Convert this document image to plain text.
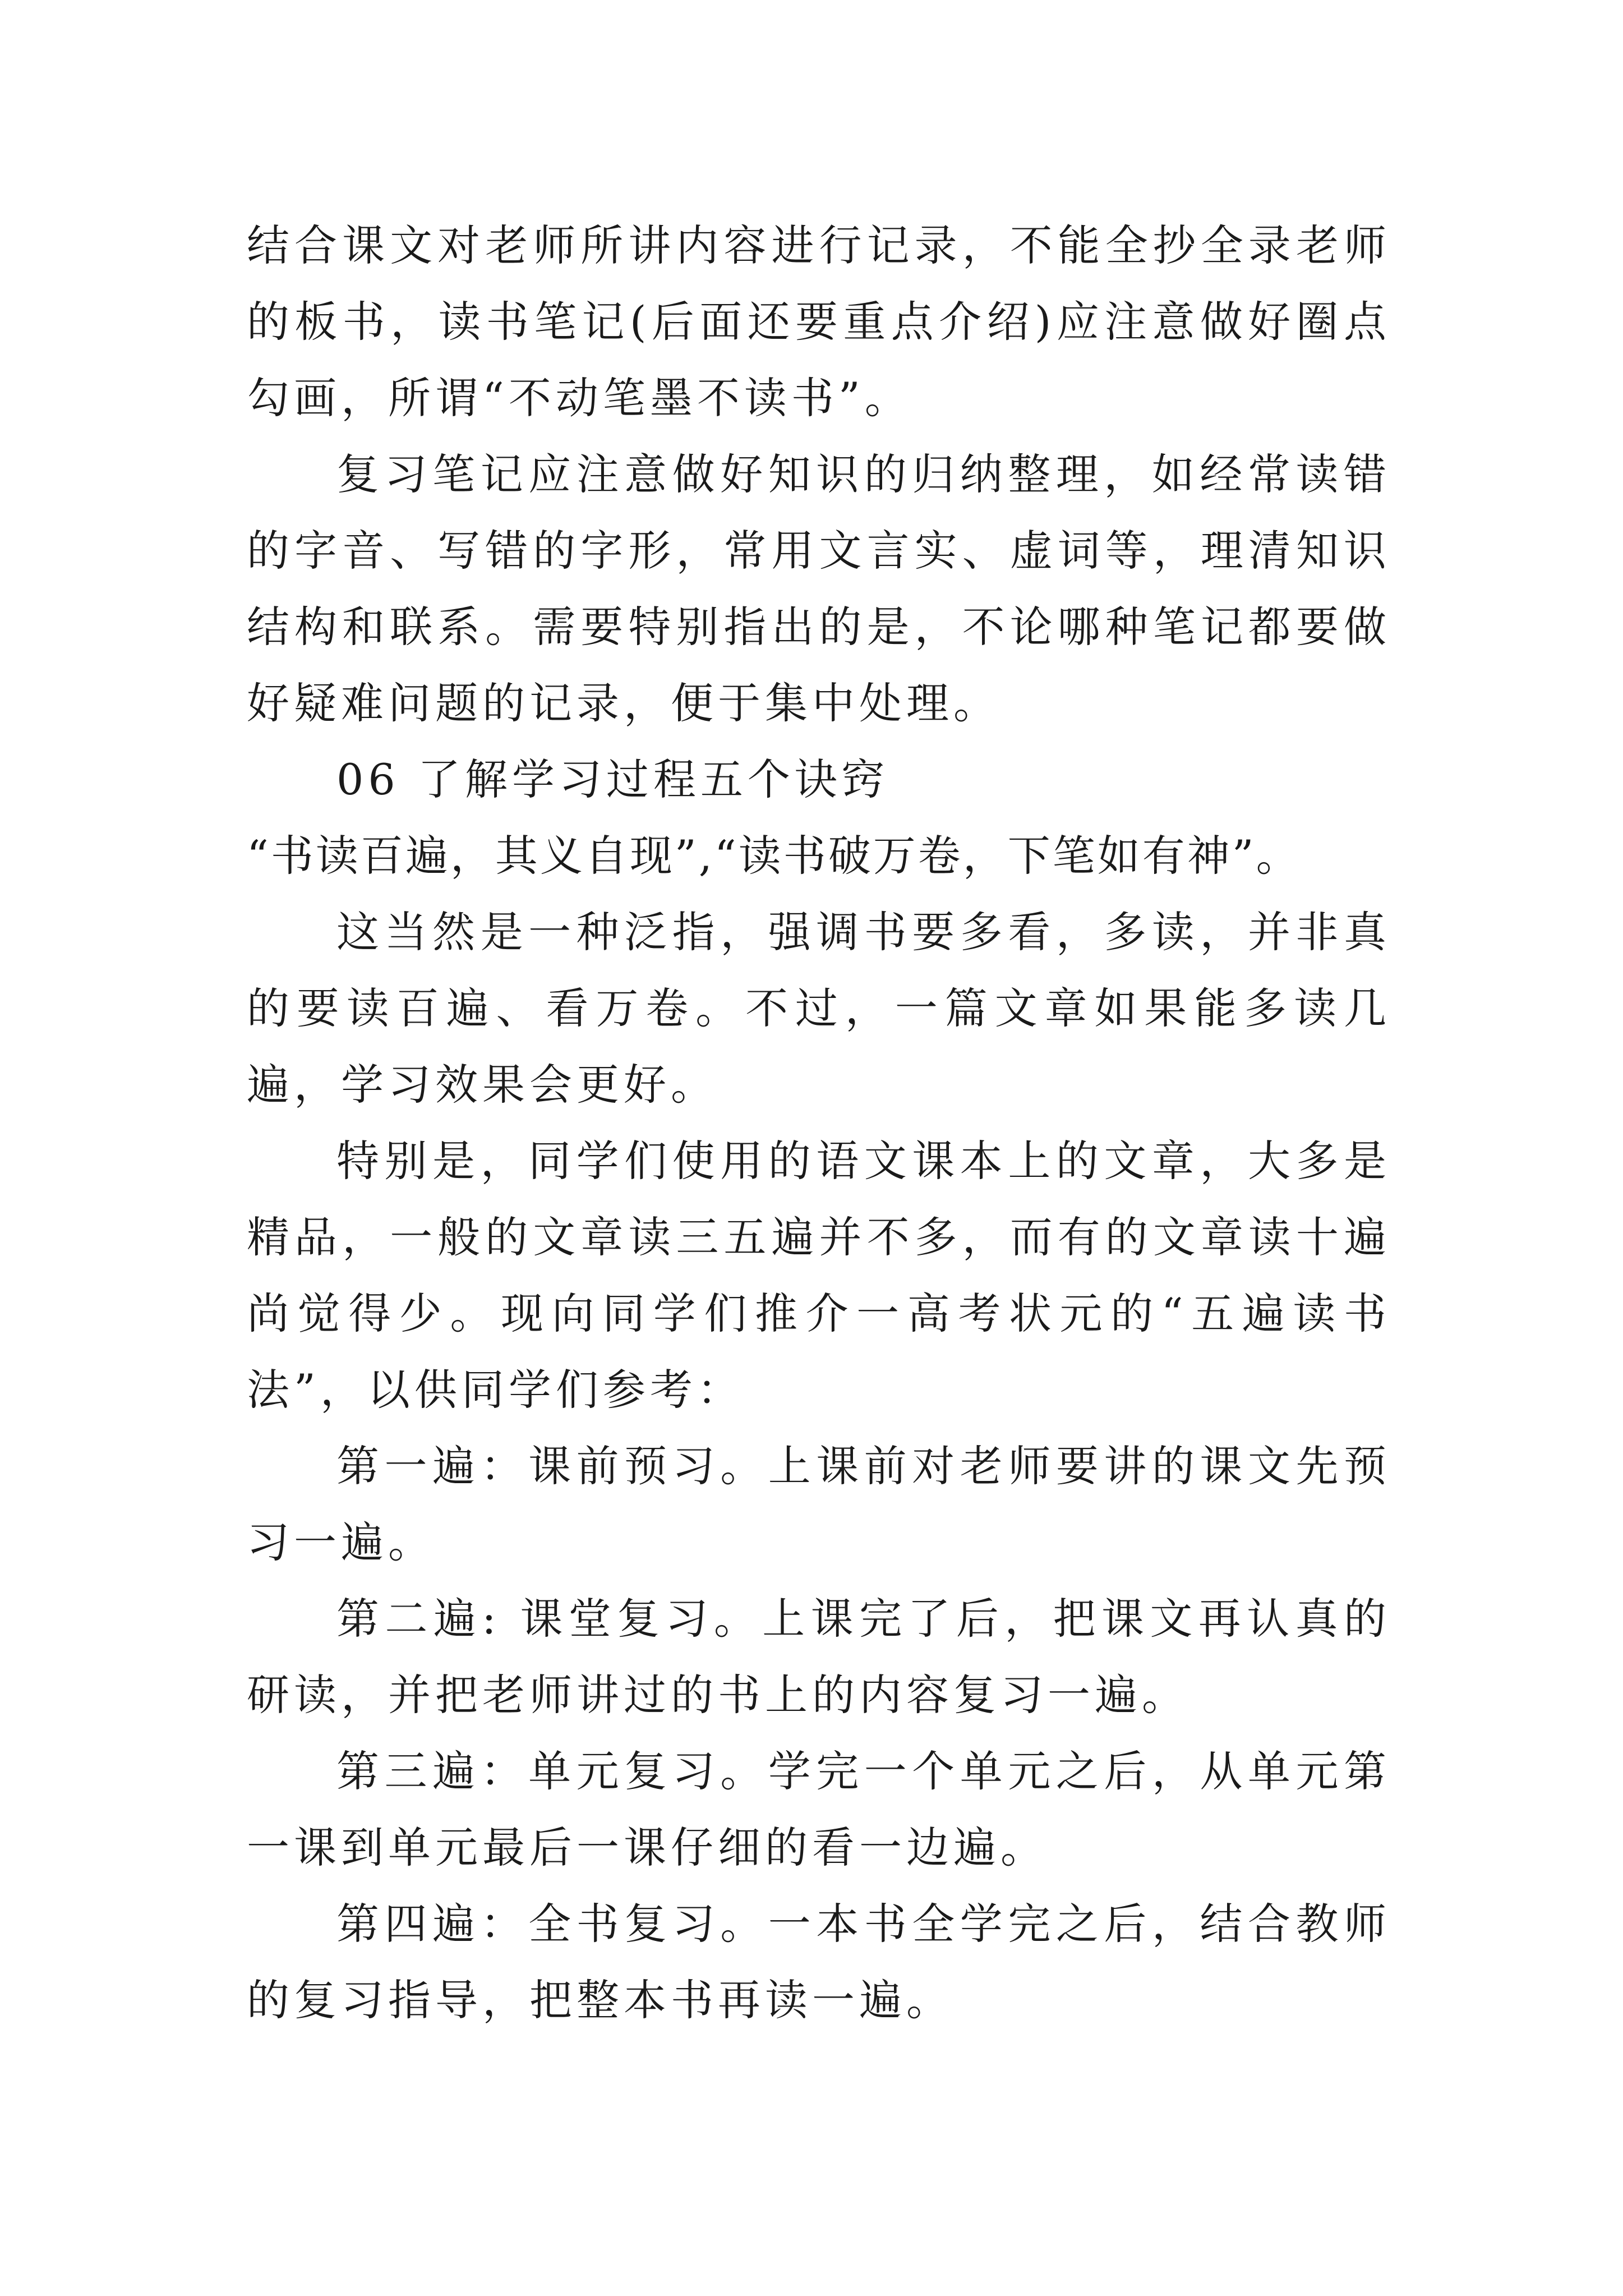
结合课文对老师所讲内容进行记录，不能全抄全录老师的板书，读书笔记(后面还要重点介绍)应注意做好圈点勾画，所谓“不动笔墨不读书”。

复习笔记应注意做好知识的归纳整理，如经常读错的字音、写错的字形，常用文言实、虚词等，理清知识结构和联系。需要特别指出的是，不论哪种笔记都要做好疑难问题的记录，便于集中处理。

06 了解学习过程五个诀窍

“书读百遍，其义自现”,“读书破万卷，下笔如有神”。

这当然是一种泛指，强调书要多看，多读，并非真的要读百遍、看万卷。不过，一篇文章如果能多读几遍，学习效果会更好。

特别是，同学们使用的语文课本上的文章，大多是精品，一般的文章读三五遍并不多，而有的文章读十遍尚觉得少。现向同学们推介一高考状元的“五遍读书法”，以供同学们参考：

第一遍：课前预习。上课前对老师要讲的课文先预习一遍。

第二遍: 课堂复习。上课完了后，把课文再认真的研读，并把老师讲过的书上的内容复习一遍。

第三遍：单元复习。学完一个单元之后，从单元第一课到单元最后一课仔细的看一边遍。

第四遍：全书复习。一本书全学完之后，结合教师的复习指导，把整本书再读一遍。
